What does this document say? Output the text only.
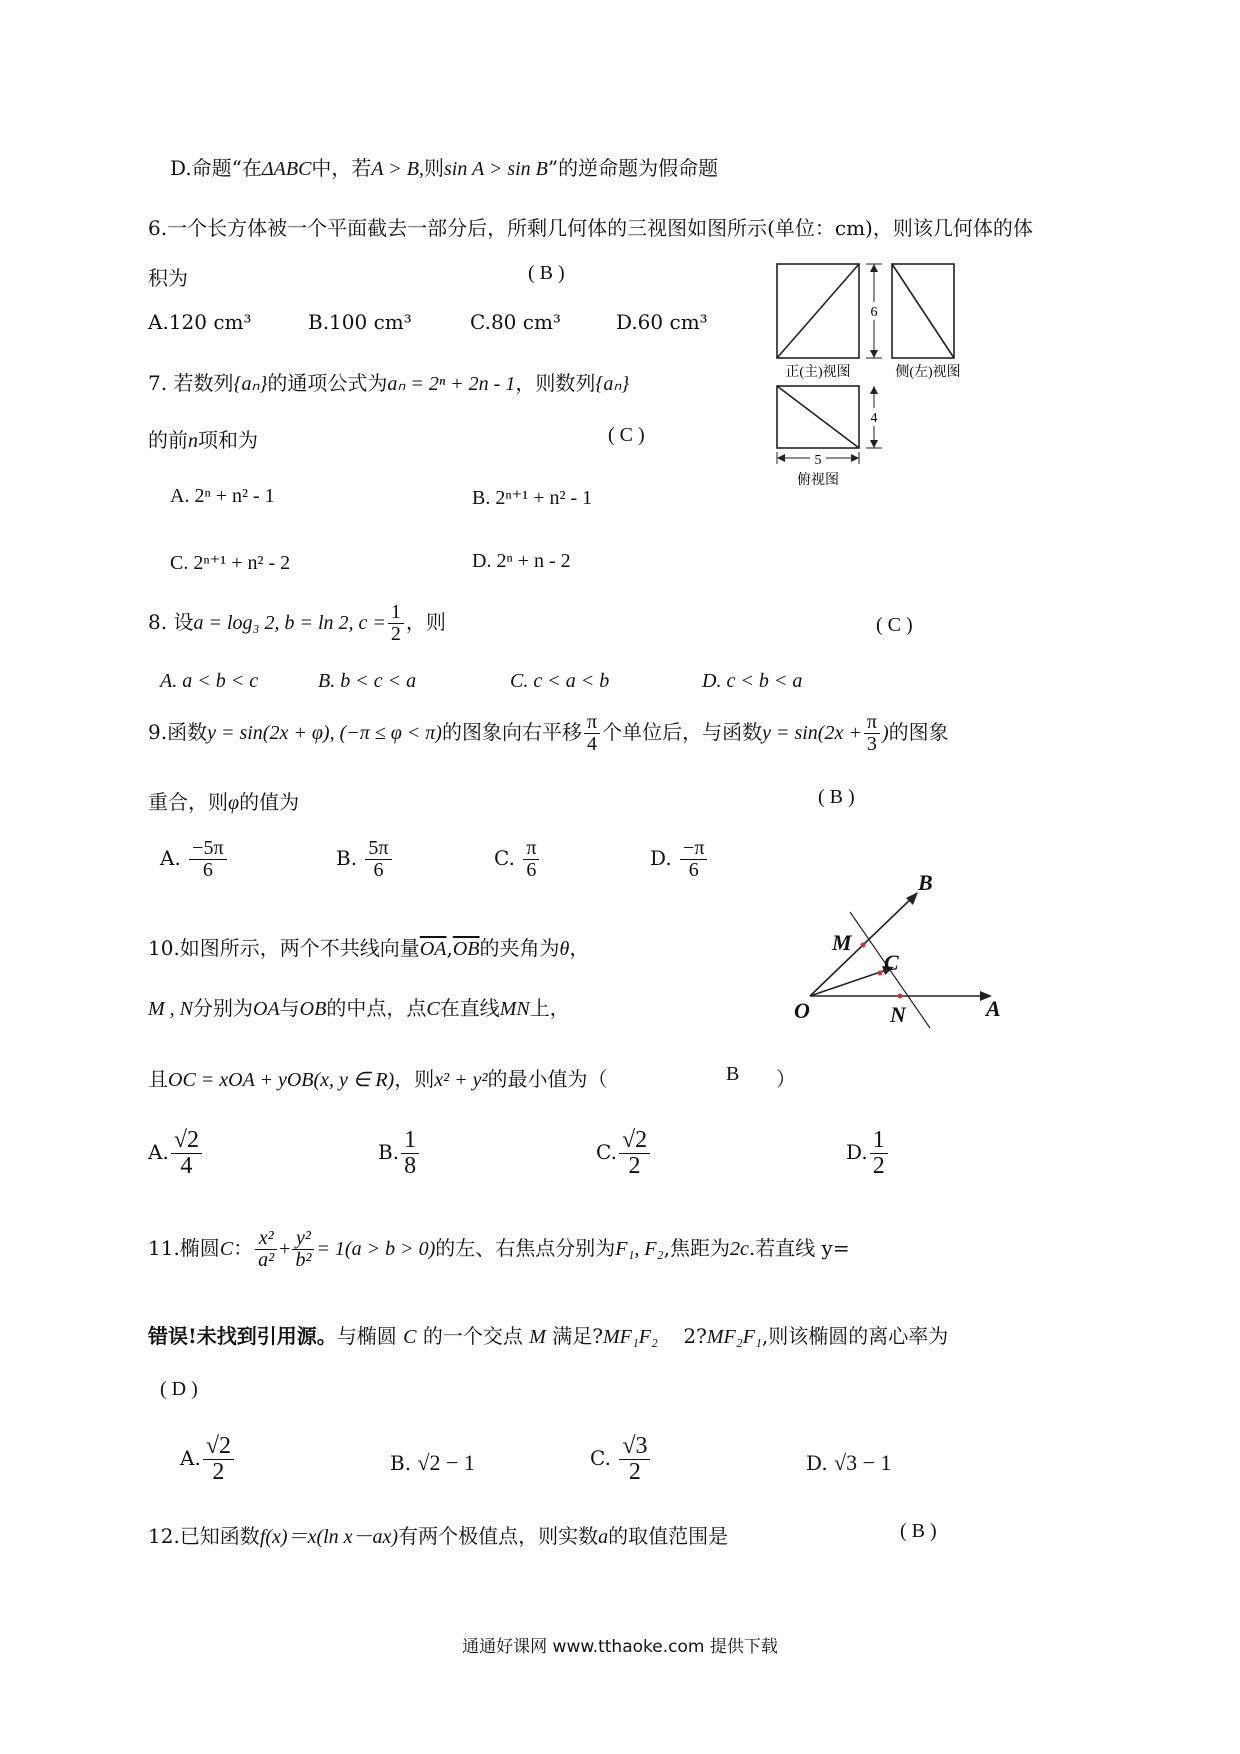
D.命题“在ΔABC中，若A > B,则sin A > sin B”的逆命题为假命题
6.一个长方体被一个平面截去一部分后，所剩几何体的三视图如图所示(单位：cm)，则该几何体的体
积为	( B )
A.120 cm³	B.100 cm³	C.80 cm³	D.60 cm³	6
4
5
正(主)视图	侧(左)视图
俯视图
7. 若数列{aₙ}的通项公式为aₙ = 2ⁿ + 2n - 1，则数列{aₙ}
的前n项和为	( C )
A. 2ⁿ + n² - 1	B. 2ⁿ⁺¹ + n² - 1
C. 2ⁿ⁺¹ + n² - 2	D. 2ⁿ + n - 2
8. 设a = log₃ 2, b = ln 2, $c = \frac{1}{2}$ ，则	( C )
A. a < b < c	B. b < c < a	C. c < a < b	D. c < b < a
9.函数y = sin(2x + φ), (−π ≤ φ < π)的图象向右平移 $\frac{\pi}{4}$ 个单位后，与函数$y = \sin(2x + \frac{\pi}{3}$ )的图象
重合，则φ的值为	( B )
A. $\frac{-5\pi}{6}$	B. $\frac{5\pi}{6}$	C. $\frac{\pi}{6}$	D. $\frac{-\pi}{6}$
10.如图所示，两个不共线向量$\overline{OA},\overline{OB}$的夹角为θ，
M , N分别为OA与OB的中点，点C在直线MN上，
且OC = xOA + yOB(x, y ∈ R)，则x² + y²的最小值为（	B ）
A. $\frac{√2}{4}$	B. $\frac{1}{8}$	C. $\frac{√2}{2}$	D. $\frac{1}{2}$
B
M
C
O	N	A
11.椭圆C： $\frac{\text{x²}}{\text{a²}} + \frac{\text{y²}}{\text{b²}} = 1(a > b > 0)$的左、右焦点分别为F₁, F₂,焦距为2c.若直线 y=
错误!未找到引用源。与椭圆 C 的一个交点 M 满足?MF₁F₂ 2?MF₂F₁,则该椭圆的离心率为
( D )
A. $\frac{√2}{2}$	B. √2 − 1	C. $\frac{√3}{2}$	D. √3 − 1
12.已知函数f(x)＝x(ln x－ax)有两个极值点，则实数a的取值范围是	( B )
通通好课网 www.tthaoke.com 提供下载
